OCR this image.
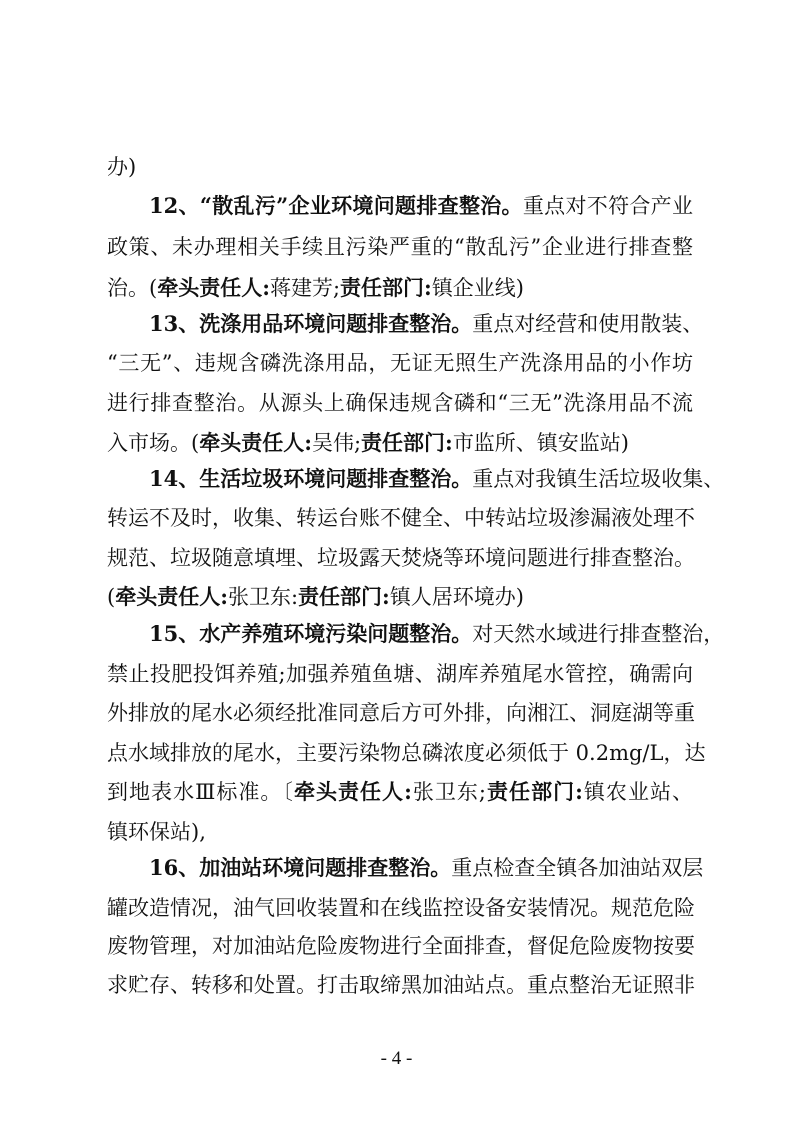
办)
12、“散乱污”企业环境问题排查整治。重点对不符合产业
政策、未办理相关手续且污染严重的“散乱污”企业进行排查整
治。(牵头责任人:蒋建芳;责任部门:镇企业线)
13、洗涤用品环境问题排查整治。重点对经营和使用散装、
“三无”、违规含磷洗涤用品，无证无照生产洗涤用品的小作坊
进行排查整治。从源头上确保违规含磷和“三无”洗涤用品不流
入市场。(牵头责任人:吴伟;责任部门:市监所、镇安监站)
14、生活垃圾环境问题排查整治。重点对我镇生活垃圾收集、
转运不及时，收集、转运台账不健全、中转站垃圾渗漏液处理不
规范、垃圾随意填埋、垃圾露天焚烧等环境问题进行排查整治。
(牵头责任人:张卫东:责任部门:镇人居环境办)
15、水产养殖环境污染问题整治。对天然水域进行排查整治，
禁止投肥投饵养殖;加强养殖鱼塘、湖库养殖尾水管控，确需向
外排放的尾水必须经批准同意后方可外排，向湘江、洞庭湖等重
点水域排放的尾水，主要污染物总磷浓度必须低于 0.2mg/L，达
到地表水Ⅲ标准。〔牵头责任人:张卫东;责任部门:镇农业站、
镇环保站),
16、加油站环境问题排查整治。重点检查全镇各加油站双层
罐改造情况，油气回收装置和在线监控设备安装情况。规范危险
废物管理，对加油站危险废物进行全面排查，督促危险废物按要
求贮存、转移和处置。打击取缔黑加油站点。重点整治无证照非
- 4 -
